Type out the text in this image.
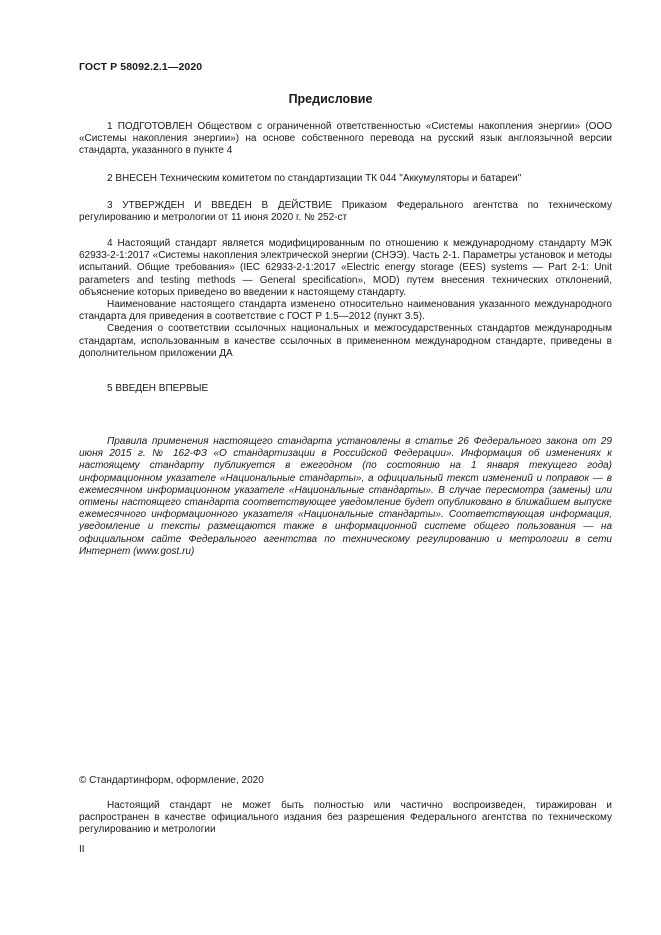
ГОСТ Р 58092.2.1—2020
Предисловие

1 ПОДГОТОВЛЕН Обществом с ограниченной ответственностью «Системы накопления энергии» (ООО «Системы накопления энергии») на основе собственного перевода на русский язык англоязычной версии стандарта, указанного в пункте 4

2 ВНЕСЕН Техническим комитетом по стандартизации ТК 044 "Аккумуляторы и батареи"

3 УТВЕРЖДЕН И ВВЕДЕН В ДЕЙСТВИЕ Приказом Федерального агентства по техническому регулированию и метрологии от 11 июня 2020 г. № 252-ст

4 Настоящий стандарт является модифицированным по отношению к международному стандарту МЭК 62933-2-1:2017 «Системы накопления электрической энергии (СНЭЭ). Часть 2-1. Параметры установок и методы испытаний. Общие требования» (IEC 62933-2-1:2017 «Electric energy storage (EES) systems — Part 2-1: Unit parameters and testing methods — General specification», MOD) путем внесения технических отклонений, объяснение которых приведено во введении к настоящему стандарту.

Наименование настоящего стандарта изменено относительно наименования указанного международного стандарта для приведения в соответствие с ГОСТ Р 1.5—2012 (пункт 3.5).

Сведения о соответствии ссылочных национальных и межгосударственных стандартов международным стандартам, использованным в качестве ссылочных в примененном международном стандарте, приведены в дополнительном приложении ДА

5 ВВЕДЕН ВПЕРВЫЕ

Правила применения настоящего стандарта установлены в статье 26 Федерального закона от 29 июня 2015 г. № 162-ФЗ «О стандартизации в Российской Федерации». Информация об изменениях к настоящему стандарту публикуется в ежегодном (по состоянию на 1 января текущего года) информационном указателе «Национальные стандарты», а официальный текст изменений и поправок — в ежемесячном информационном указателе «Национальные стандарты». В случае пересмотра (замены) или отмены настоящего стандарта соответствующее уведомление будет опубликовано в ближайшем выпуске ежемесячного информационного указателя «Национальные стандарты». Соответствующая информация, уведомление и тексты размещаются также в информационной системе общего пользования — на официальном сайте Федерального агентства по техническому регулированию и метрологии в сети Интернет (www.gost.ru)

© Стандартинформ, оформление, 2020

Настоящий стандарт не может быть полностью или частично воспроизведен, тиражирован и распространен в качестве официального издания без разрешения Федерального агентства по техническому регулированию и метрологии

II
